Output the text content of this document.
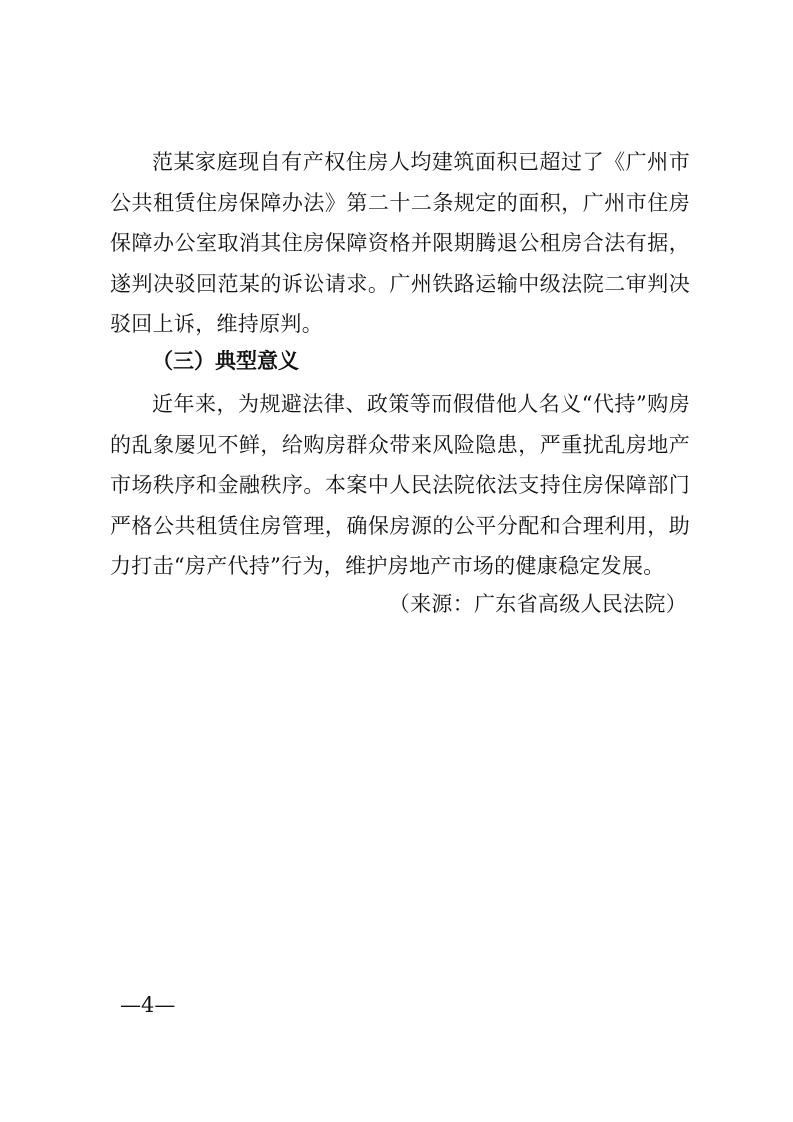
范某家庭现自有产权住房人均建筑面积已超过了《广州市公共租赁住房保障办法》第二十二条规定的面积，广州市住房保障办公室取消其住房保障资格并限期腾退公租房合法有据，遂判决驳回范某的诉讼请求。广州铁路运输中级法院二审判决驳回上诉，维持原判。

（三）典型意义

近年来，为规避法律、政策等而假借他人名义“代持”购房的乱象屡见不鲜，给购房群众带来风险隐患，严重扰乱房地产市场秩序和金融秩序。本案中人民法院依法支持住房保障部门严格公共租赁住房管理，确保房源的公平分配和合理利用，助力打击“房产代持”行为，维护房地产市场的健康稳定发展。

（来源：广东省高级人民法院）

—4—
